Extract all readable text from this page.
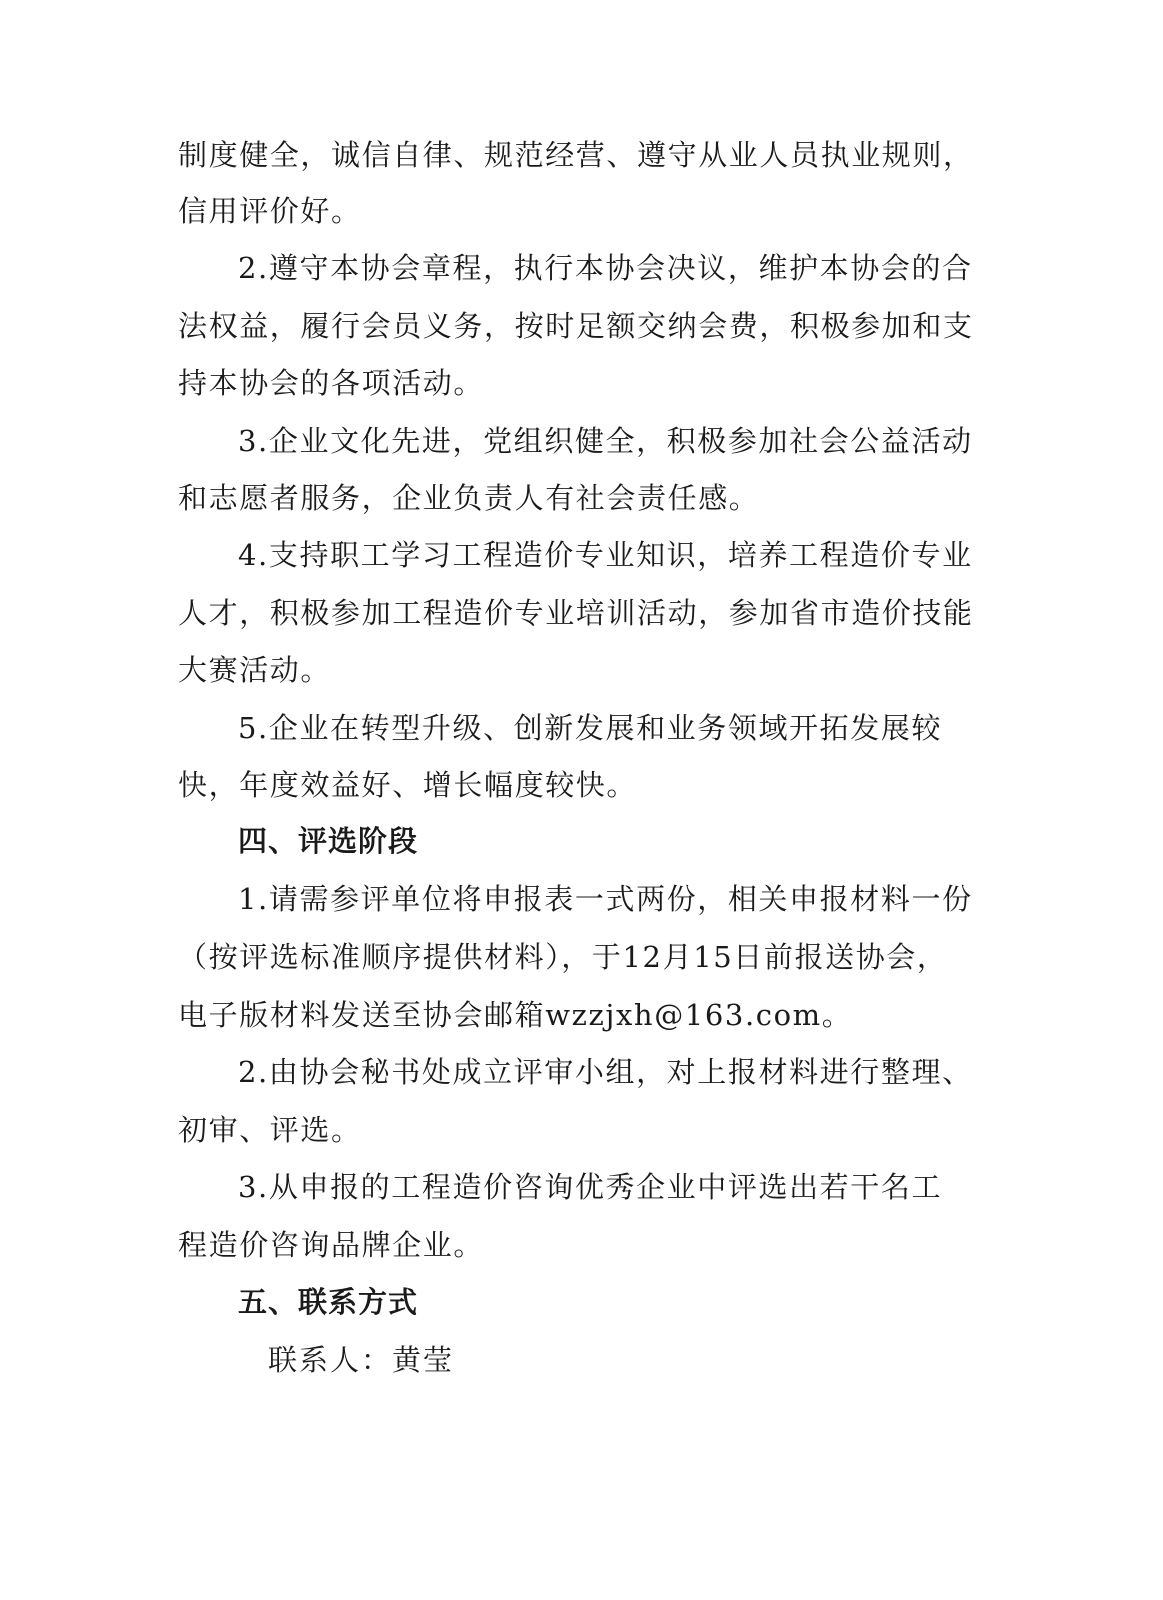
制度健全，诚信自律、规范经营、遵守从业人员执业规则，
信用评价好。
2.遵守本协会章程，执行本协会决议，维护本协会的合
法权益，履行会员义务，按时足额交纳会费，积极参加和支
持本协会的各项活动。
3.企业文化先进，党组织健全，积极参加社会公益活动
和志愿者服务，企业负责人有社会责任感。
4.支持职工学习工程造价专业知识，培养工程造价专业
人才，积极参加工程造价专业培训活动，参加省市造价技能
大赛活动。
5.企业在转型升级、创新发展和业务领域开拓发展较
快，年度效益好、增长幅度较快。
四、评选阶段
1.请需参评单位将申报表一式两份，相关申报材料一份
（按评选标准顺序提供材料），于12月15日前报送协会，
电子版材料发送至协会邮箱wzzjxh@163.com。
2.由协会秘书处成立评审小组，对上报材料进行整理、
初审、评选。
3.从申报的工程造价咨询优秀企业中评选出若干名工
程造价咨询品牌企业。
五、联系方式
联系人：黄莹
